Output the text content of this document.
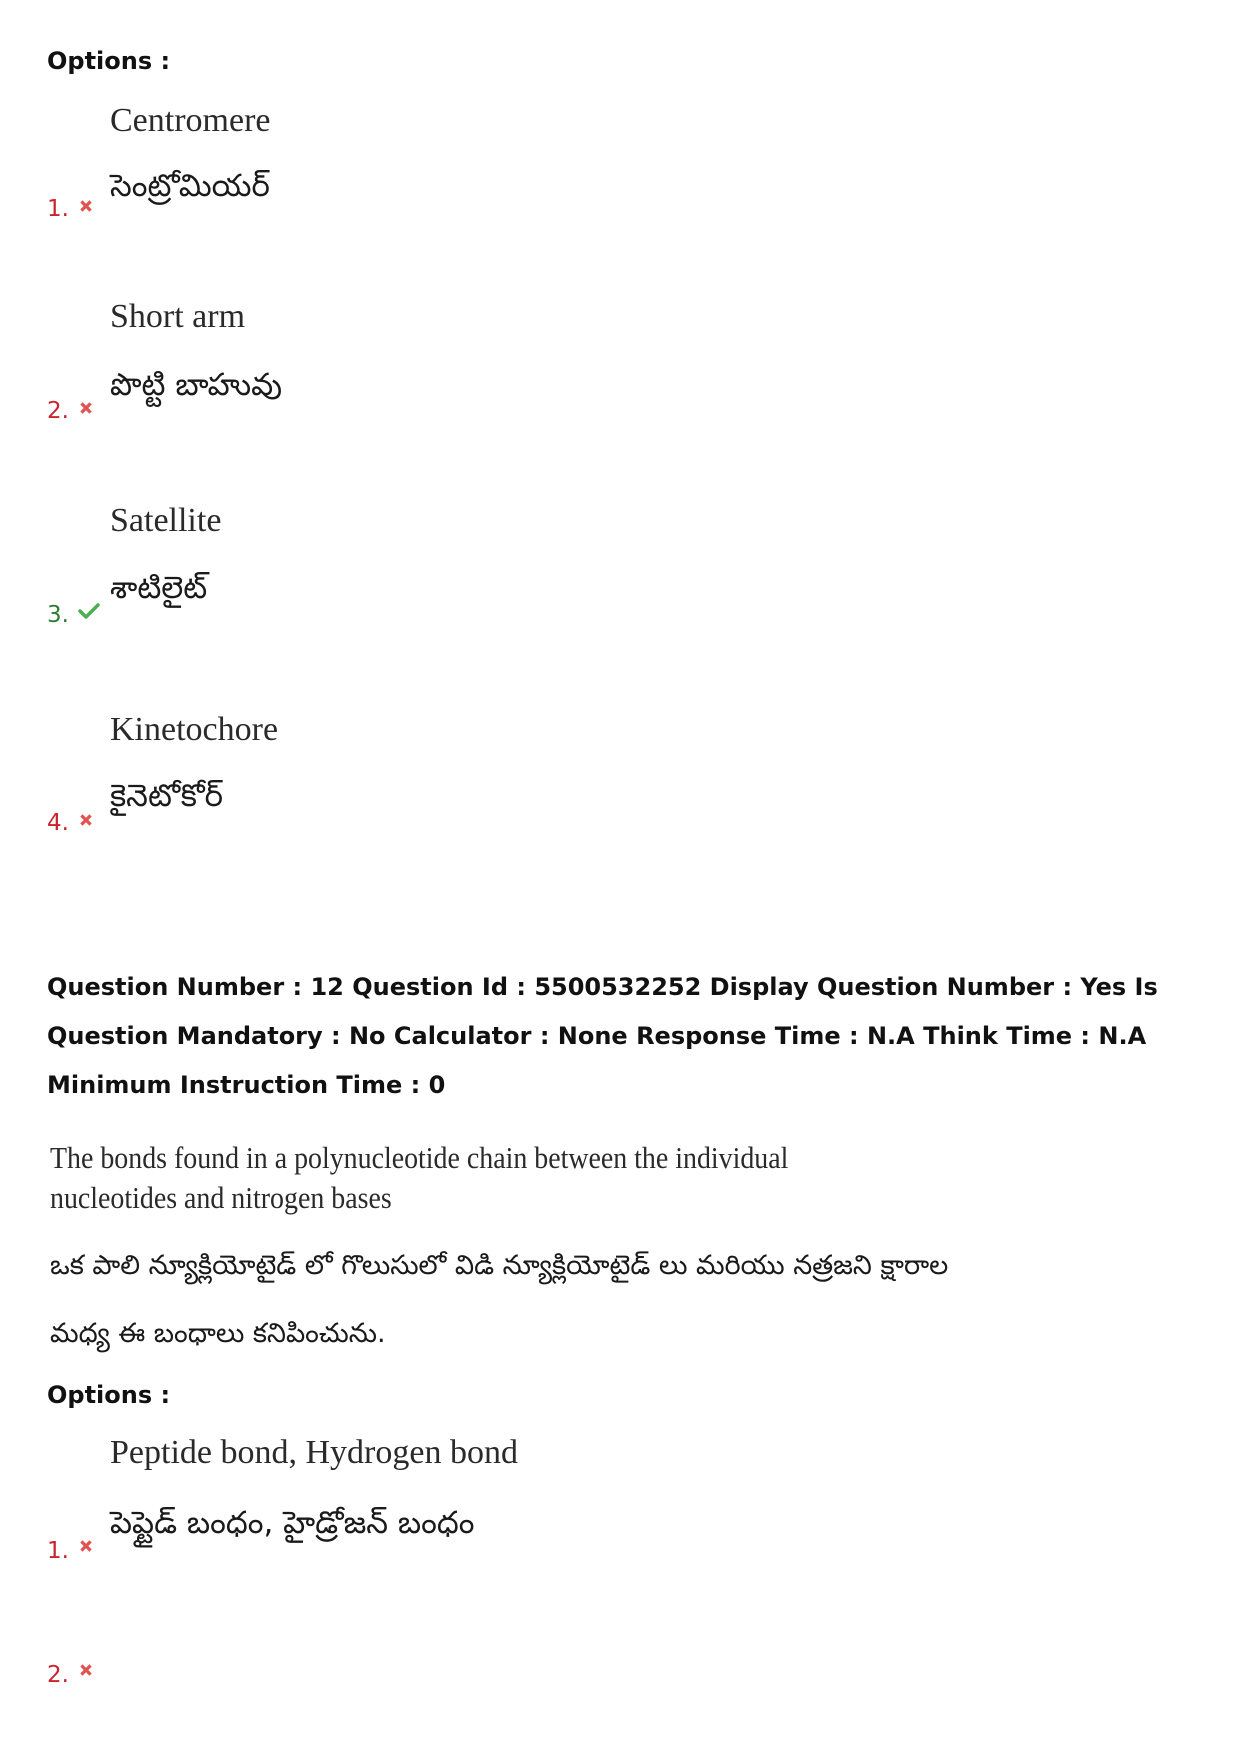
Options :
Centromere
సెంట్రోమియర్
1.
Short arm
పొట్టి బాహువు
2.
Satellite
శాటిలైట్
3.
Kinetochore
కైనెటోకోర్
4.
Question Number : 12 Question Id : 5500532252 Display Question Number : Yes Is Question Mandatory : No Calculator : None Response Time : N.A Think Time : N.A Minimum Instruction Time : 0
The bonds found in a polynucleotide chain between the individual nucleotides and nitrogen bases
ఒక పాలి న్యూక్లియోటైడ్ లో గొలుసులో విడి న్యూక్లియోటైడ్ లు మరియు నత్రజని క్షారాల
మధ్య ఈ బంధాలు కనిపించును.
Options :
Peptide bond, Hydrogen bond
పెప్టైడ్ బంధం, హైడ్రోజన్ బంధం
1.
2.
